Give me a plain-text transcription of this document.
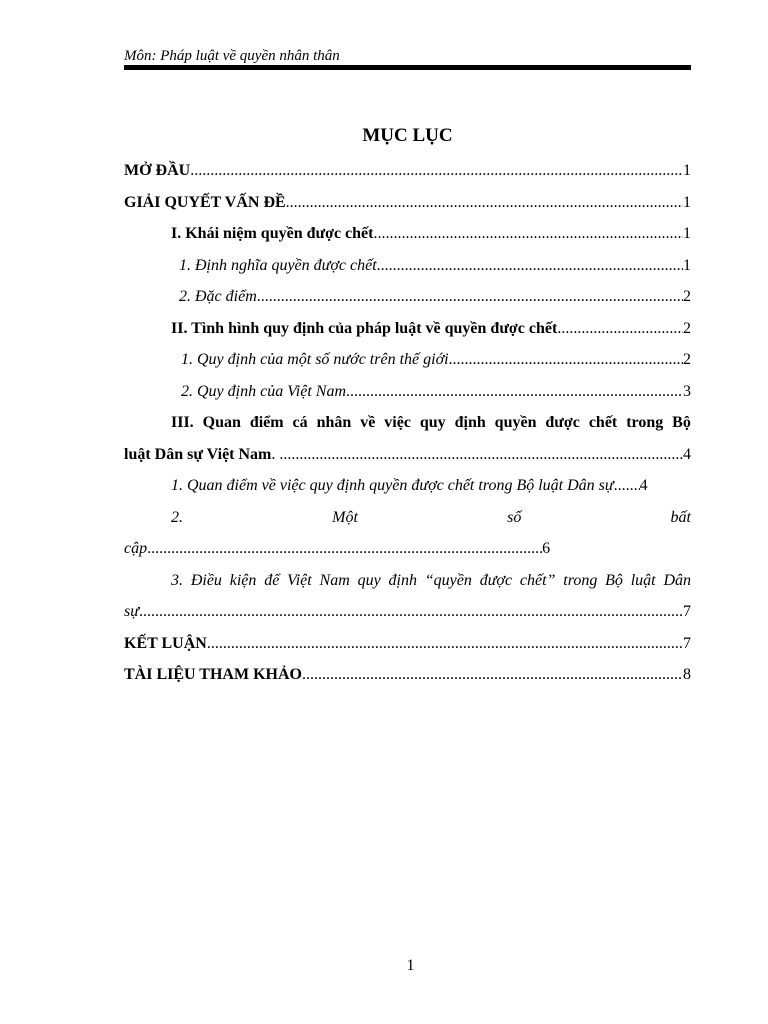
Môn: Pháp luật về quyền nhân thân
MỤC LỤC
MỞ ĐẦU .....	1
GIẢI QUYẾT VẤN ĐỀ .....	1
I. Khái niệm quyền được chết .....	1
1. Định nghĩa quyền được chết .....	1
2. Đặc điểm .....	2
II. Tình hình quy định của pháp luật về quyền được chết .....	2
1. Quy định của một số nước trên thế giới .....	2
2. Quy định của Việt Nam .....	3
III. Quan điểm cá nhân về việc quy định quyền được chết trong Bộ
luật Dân sự Việt Nam. .....	4
1. Quan điểm về việc quy định quyền được chết trong Bộ luật Dân sự ..... 4
2.	Một	số	bất
cập .....	6
3. Điều kiện để Việt Nam quy định “quyền được chết” trong Bộ luật Dân
sự .....	7
KẾT LUẬN .....	7
TÀI LIỆU THAM KHẢO .....	8
1
